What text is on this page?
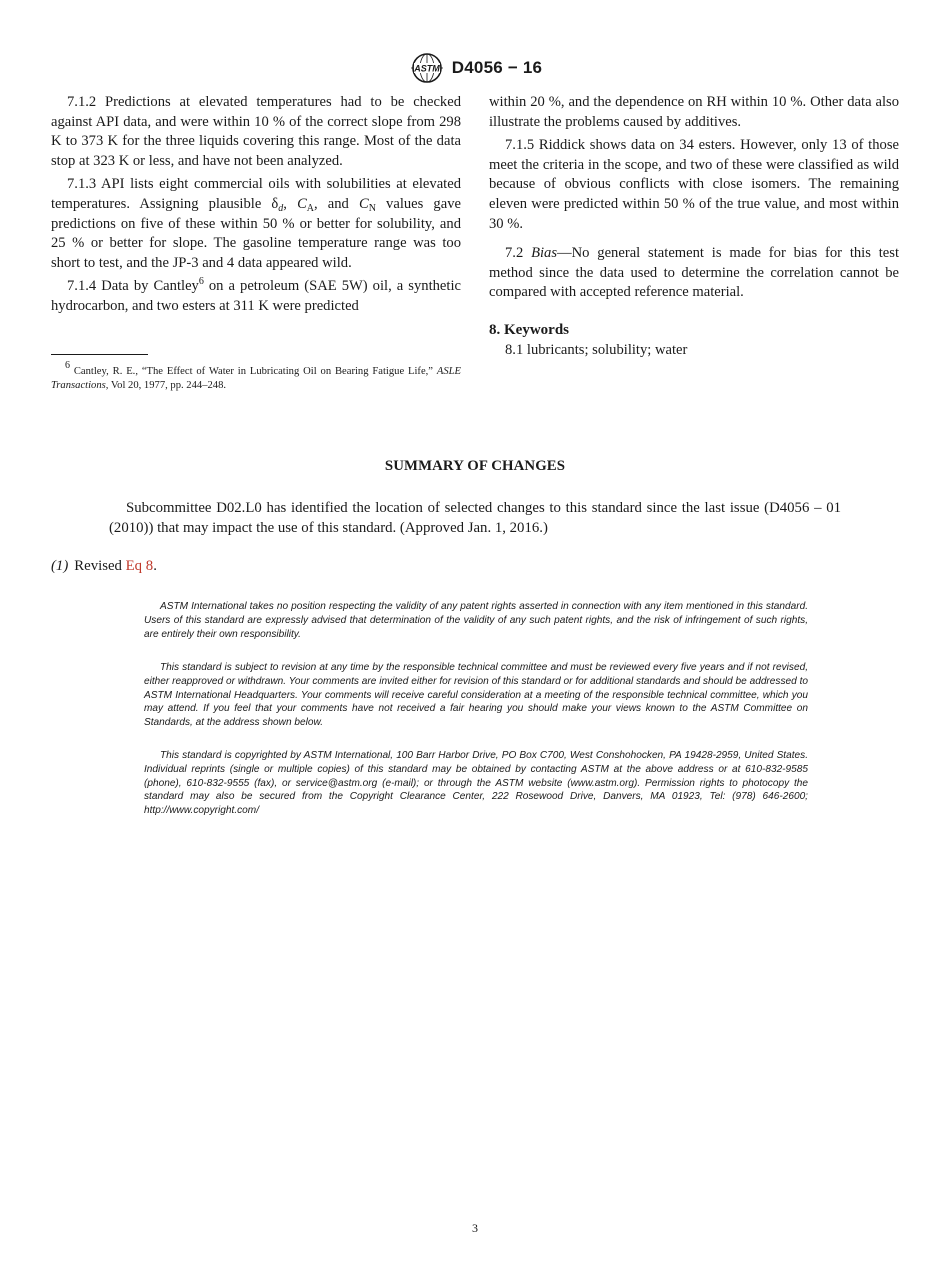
ASTM D4056 − 16

7.1.2 Predictions at elevated temperatures had to be checked against API data, and were within 10 % of the correct slope from 298 K to 373 K for the three liquids covering this range. Most of the data stop at 323 K or less, and have not been analyzed.

7.1.3 API lists eight commercial oils with solubilities at elevated temperatures. Assigning plausible $\delta_d$, $C_A$, and $C_N$ values gave predictions on five of these within 50 % or better for solubility, and 25 % or better for slope. The gasoline temperature range was too short to test, and the JP-3 and 4 data appeared wild.

7.1.4 Data by Cantley$^6$ on a petroleum (SAE 5W) oil, a synthetic hydrocarbon, and two esters at 311 K were predicted

$^6$ Cantley, R. E., “The Effect of Water in Lubricating Oil on Bearing Fatigue Life,” ASLE Transactions, Vol 20, 1977, pp. 244–248.

within 20 %, and the dependence on RH within 10 %. Other data also illustrate the problems caused by additives.

7.1.5 Riddick shows data on 34 esters. However, only 13 of those meet the criteria in the scope, and two of these were classified as wild because of obvious conflicts with close isomers. The remaining eleven were predicted within 50 % of the true value, and most within 30 %.

7.2 Bias—No general statement is made for bias for this test method since the data used to determine the correlation cannot be compared with accepted reference material.

8. Keywords

8.1 lubricants; solubility; water

SUMMARY OF CHANGES
Subcommittee D02.L0 has identified the location of selected changes to this standard since the last issue (D4056 – 01 (2010)) that may impact the use of this standard. (Approved Jan. 1, 2016.)
(1) Revised Eq 8.
ASTM International takes no position respecting the validity of any patent rights asserted in connection with any item mentioned in this standard. Users of this standard are expressly advised that determination of the validity of any such patent rights, and the risk of infringement of such rights, are entirely their own responsibility.
This standard is subject to revision at any time by the responsible technical committee and must be reviewed every five years and if not revised, either reapproved or withdrawn. Your comments are invited either for revision of this standard or for additional standards and should be addressed to ASTM International Headquarters. Your comments will receive careful consideration at a meeting of the responsible technical committee, which you may attend. If you feel that your comments have not received a fair hearing you should make your views known to the ASTM Committee on Standards, at the address shown below.
This standard is copyrighted by ASTM International, 100 Barr Harbor Drive, PO Box C700, West Conshohocken, PA 19428-2959, United States. Individual reprints (single or multiple copies) of this standard may be obtained by contacting ASTM at the above address or at 610-832-9585 (phone), 610-832-9555 (fax), or service@astm.org (e-mail); or through the ASTM website (www.astm.org). Permission rights to photocopy the standard may also be secured from the Copyright Clearance Center, 222 Rosewood Drive, Danvers, MA 01923, Tel: (978) 646-2600; http://www.copyright.com/
3
